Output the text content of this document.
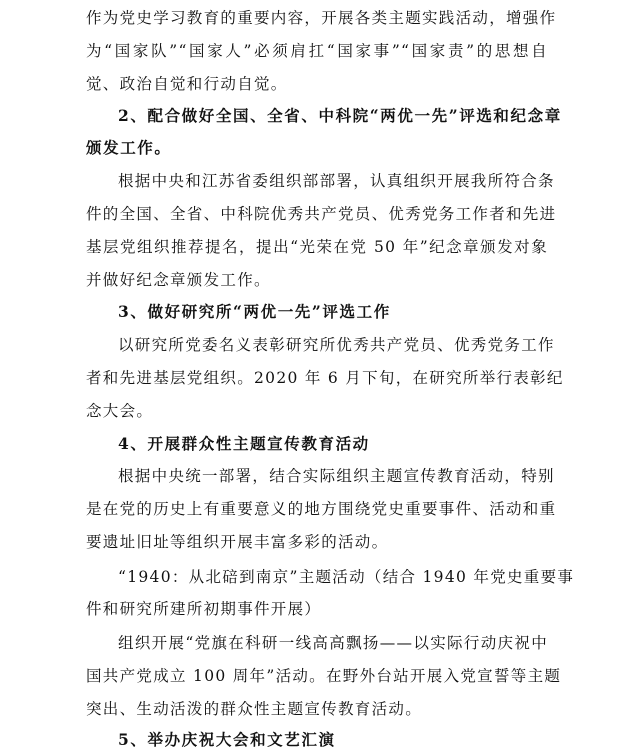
作为党史学习教育的重要内容，开展各类主题实践活动，增强作
为“国家队”“国家人”必须肩扛“国家事”“国家责”的思想自
觉、政治自觉和行动自觉。
2、配合做好全国、全省、中科院“两优一先”评选和纪念章
颁发工作。
根据中央和江苏省委组织部部署，认真组织开展我所符合条
件的全国、全省、中科院优秀共产党员、优秀党务工作者和先进
基层党组织推荐提名，提出“光荣在党 50 年”纪念章颁发对象
并做好纪念章颁发工作。
3、做好研究所“两优一先”评选工作
以研究所党委名义表彰研究所优秀共产党员、优秀党务工作
者和先进基层党组织。2020 年 6 月下旬，在研究所举行表彰纪
念大会。
4、开展群众性主题宣传教育活动
根据中央统一部署，结合实际组织主题宣传教育活动，特别
是在党的历史上有重要意义的地方围绕党史重要事件、活动和重
要遗址旧址等组织开展丰富多彩的活动。
“1940：从北碚到南京”主题活动（结合 1940 年党史重要事
件和研究所建所初期事件开展）
组织开展“党旗在科研一线高高飘扬——以实际行动庆祝中
国共产党成立 100 周年”活动。在野外台站开展入党宣誓等主题
突出、生动活泼的群众性主题宣传教育活动。
5、举办庆祝大会和文艺汇演
